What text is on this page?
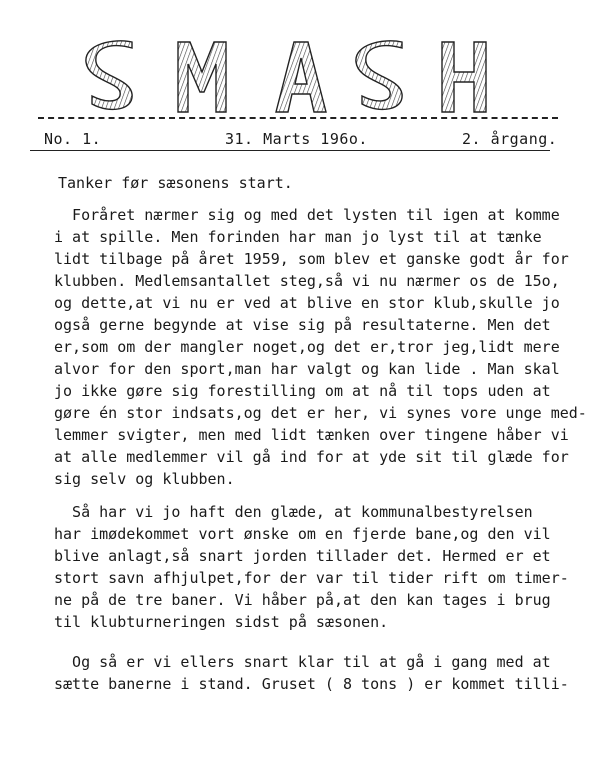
No. 1.	31. Marts 196o.	2. årgang.
Tanker før sæsonens start.
Foråret nærmer sig og med det lysten til igen at komme
i at spille. Men forinden har man jo lyst til at tænke
lidt tilbage på året 1959, som blev et ganske godt år for
klubben. Medlemsantallet steg,så vi nu nærmer os de 15o,
og dette,at vi nu er ved at blive en stor klub,skulle jo
også gerne begynde at vise sig på resultaterne. Men det
er,som om der mangler noget,og det er,tror jeg,lidt mere
alvor for den sport,man har valgt og kan lide . Man skal
jo ikke gøre sig forestilling om at nå til tops uden at
gøre én stor indsats,og det er her, vi synes vore unge med-
lemmer svigter, men med lidt tænken over tingene håber vi
at alle medlemmer vil gå ind for at yde sit til glæde for
sig selv og klubben.
Så har vi jo haft den glæde, at kommunalbestyrelsen
har imødekommet vort ønske om en fjerde bane,og den vil
blive anlagt,så snart jorden tillader det. Hermed er et
stort savn afhjulpet,for der var til tider rift om timer-
ne på de tre baner. Vi håber på,at den kan tages i brug
til klubturneringen sidst på sæsonen.
Og så er vi ellers snart klar til at gå i gang med at
sætte banerne i stand. Gruset ( 8 tons ) er kommet tilli-
